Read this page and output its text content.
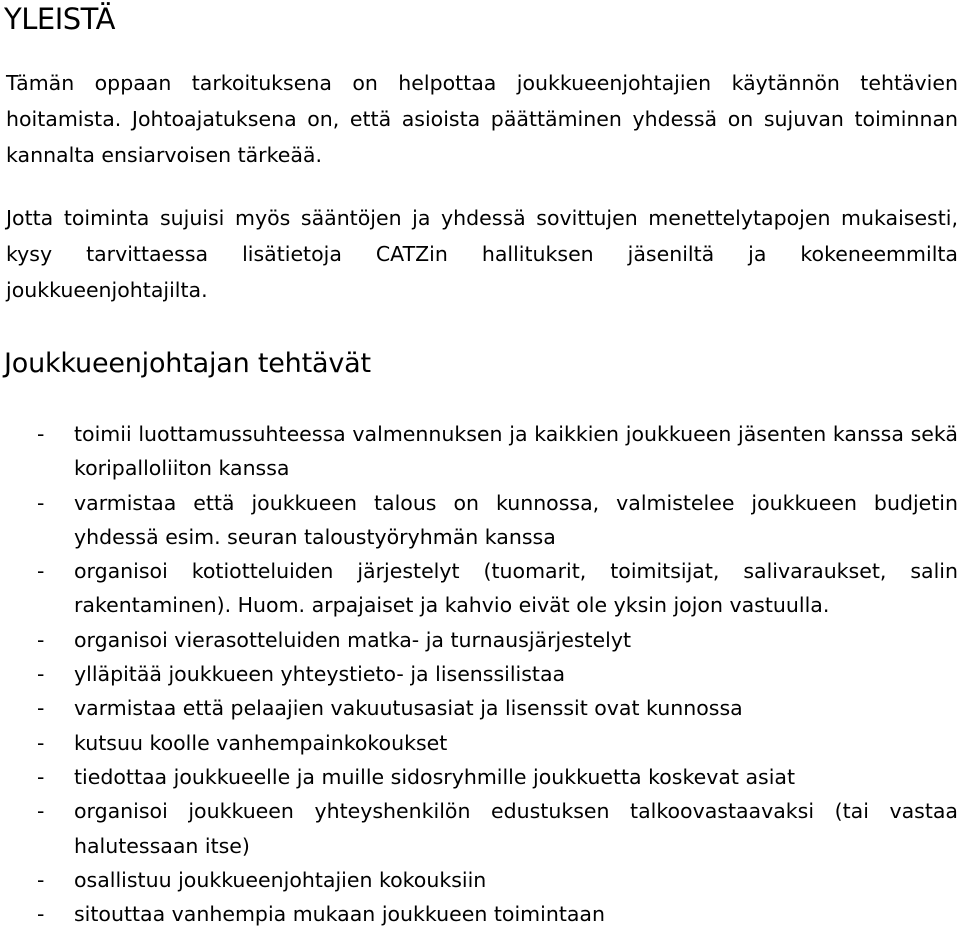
YLEISTÄ

Tämän oppaan tarkoituksena on helpottaa joukkueenjohtajien käytännön tehtävien hoitamista. Johtoajatuksena on, että asioista päättäminen yhdessä on sujuvan toiminnan kannalta ensiarvoisen tärkeää.

Jotta toiminta sujuisi myös sääntöjen ja yhdessä sovittujen menettelytapojen mukaisesti, kysy tarvittaessa lisätietoja CATZin hallituksen jäseniltä ja kokeneemmilta joukkueenjohtajilta.

Joukkueenjohtajan tehtävät
-	toimii luottamussuhteessa valmennuksen ja kaikkien joukkueen jäsenten kanssa sekä koripalloliiton kanssa
-	varmistaa että joukkueen talous on kunnossa, valmistelee joukkueen budjetin yhdessä esim. seuran taloustyöryhmän kanssa
-	organisoi kotiotteluiden järjestelyt (tuomarit, toimitsijat, salivaraukset, salin rakentaminen). Huom. arpajaiset ja kahvio eivät ole yksin jojon vastuulla.
-	organisoi vierasotteluiden matka- ja turnausjärjestelyt
-	ylläpitää joukkueen yhteystieto- ja lisenssilistaa
-	varmistaa että pelaajien vakuutusasiat ja lisenssit ovat kunnossa
-	kutsuu koolle vanhempainkokoukset
-	tiedottaa joukkueelle ja muille sidosryhmille joukkuetta koskevat asiat
-	organisoi joukkueen yhteyshenkilön edustuksen talkoovastaavaksi (tai vastaa halutessaan itse)
-	osallistuu joukkueenjohtajien kokouksiin
-	sitouttaa vanhempia mukaan joukkueen toimintaan
